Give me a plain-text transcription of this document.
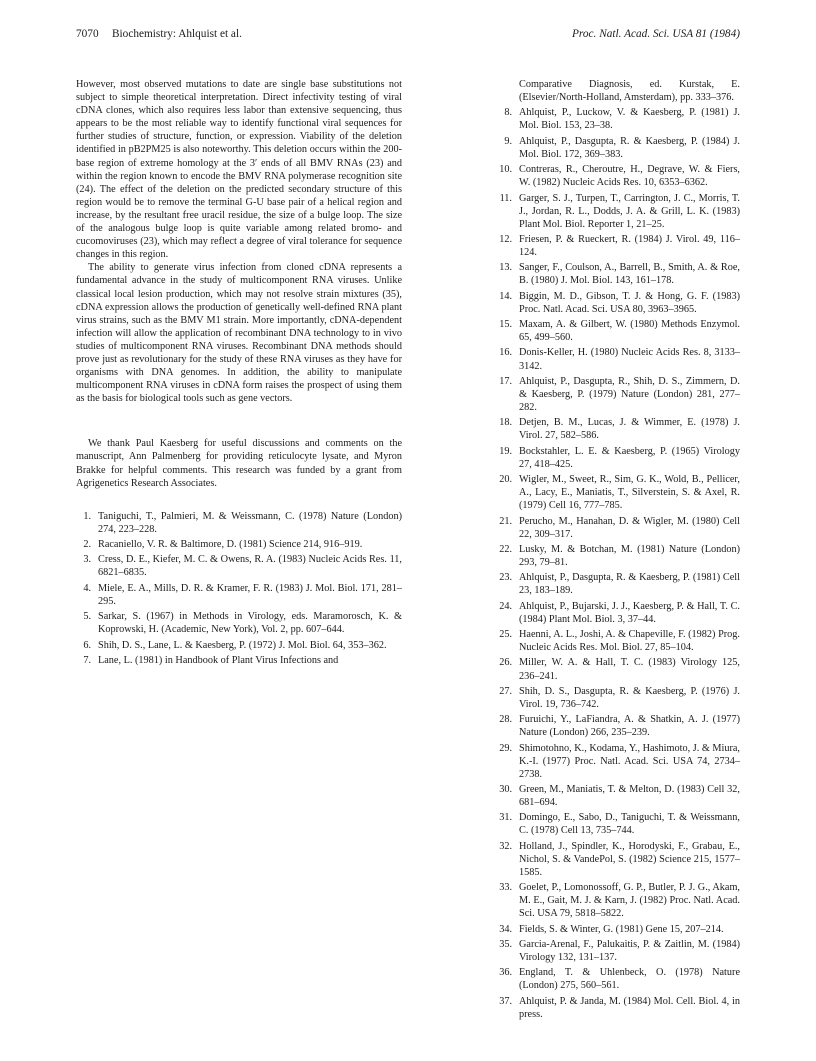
7070 Biochemistry: Ahlquist et al.	Proc. Natl. Acad. Sci. USA 81 (1984)

However, most observed mutations to date are single base substitutions not subject to simple theoretical interpretation. Direct infectivity testing of viral cDNA clones, which also requires less labor than extensive sequencing, thus appears to be the most reliable way to identify functional viral sequences for further studies of structure, function, or expression. Viability of the deletion identified in pB2PM25 is also noteworthy. This deletion occurs within the 200-base region of extreme homology at the 3′ ends of all BMV RNAs (23) and within the region known to encode the BMV RNA polymerase recognition site (24). The effect of the deletion on the predicted secondary structure of this region would be to remove the terminal G-U base pair of a helical region and increase, by the resultant free uracil residue, the size of a bulge loop. The size of the analogous bulge loop is quite variable among related bromo- and cucomoviruses (23), which may reflect a degree of viral tolerance for sequence changes in this region.

The ability to generate virus infection from cloned cDNA represents a fundamental advance in the study of multicomponent RNA viruses. Unlike classical local lesion production, which may not resolve strain mixtures (35), cDNA expression allows the production of genetically well-defined RNA plant virus strains, such as the BMV M1 strain. More importantly, cDNA-dependent infection will allow the application of recombinant DNA technology to in vivo studies of multicomponent RNA viruses. Recombinant DNA methods should prove just as revolutionary for the study of these RNA viruses as they have for organisms with DNA genomes. In addition, the ability to manipulate multicomponent RNA viruses in cDNA form raises the prospect of using them as the basis for biological tools such as gene vectors.

We thank Paul Kaesberg for useful discussions and comments on the manuscript, Ann Palmenberg for providing reticulocyte lysate, and Myron Brakke for helpful comments. This research was funded by a grant from Agrigenetics Research Associates.

1. Taniguchi, T., Palmieri, M. & Weissmann, C. (1978) Nature (London) 274, 223–228.
2. Racaniello, V. R. & Baltimore, D. (1981) Science 214, 916–919.
3. Cress, D. E., Kiefer, M. C. & Owens, R. A. (1983) Nucleic Acids Res. 11, 6821–6835.
4. Miele, E. A., Mills, D. R. & Kramer, F. R. (1983) J. Mol. Biol. 171, 281–295.
5. Sarkar, S. (1967) in Methods in Virology, eds. Maramorosch, K. & Koprowski, H. (Academic, New York), Vol. 2, pp. 607–644.
6. Shih, D. S., Lane, L. & Kaesberg, P. (1972) J. Mol. Biol. 64, 353–362.
7. Lane, L. (1981) in Handbook of Plant Virus Infections and
Comparative Diagnosis, ed. Kurstak, E. (Elsevier/North-Holland, Amsterdam), pp. 333–376.
8. Ahlquist, P., Luckow, V. & Kaesberg, P. (1981) J. Mol. Biol. 153, 23–38.
9. Ahlquist, P., Dasgupta, R. & Kaesberg, P. (1984) J. Mol. Biol. 172, 369–383.
10. Contreras, R., Cheroutre, H., Degrave, W. & Fiers, W. (1982) Nucleic Acids Res. 10, 6353–6362.
11. Garger, S. J., Turpen, T., Carrington, J. C., Morris, T. J., Jordan, R. L., Dodds, J. A. & Grill, L. K. (1983) Plant Mol. Biol. Reporter 1, 21–25.
12. Friesen, P. & Rueckert, R. (1984) J. Virol. 49, 116–124.
13. Sanger, F., Coulson, A., Barrell, B., Smith, A. & Roe, B. (1980) J. Mol. Biol. 143, 161–178.
14. Biggin, M. D., Gibson, T. J. & Hong, G. F. (1983) Proc. Natl. Acad. Sci. USA 80, 3963–3965.
15. Maxam, A. & Gilbert, W. (1980) Methods Enzymol. 65, 499–560.
16. Donis-Keller, H. (1980) Nucleic Acids Res. 8, 3133–3142.
17. Ahlquist, P., Dasgupta, R., Shih, D. S., Zimmern, D. & Kaesberg, P. (1979) Nature (London) 281, 277–282.
18. Detjen, B. M., Lucas, J. & Wimmer, E. (1978) J. Virol. 27, 582–586.
19. Bockstahler, L. E. & Kaesberg, P. (1965) Virology 27, 418–425.
20. Wigler, M., Sweet, R., Sim, G. K., Wold, B., Pellicer, A., Lacy, E., Maniatis, T., Silverstein, S. & Axel, R. (1979) Cell 16, 777–785.
21. Perucho, M., Hanahan, D. & Wigler, M. (1980) Cell 22, 309–317.
22. Lusky, M. & Botchan, M. (1981) Nature (London) 293, 79–81.
23. Ahlquist, P., Dasgupta, R. & Kaesberg, P. (1981) Cell 23, 183–189.
24. Ahlquist, P., Bujarski, J. J., Kaesberg, P. & Hall, T. C. (1984) Plant Mol. Biol. 3, 37–44.
25. Haenni, A. L., Joshi, A. & Chapeville, F. (1982) Prog. Nucleic Acids Res. Mol. Biol. 27, 85–104.
26. Miller, W. A. & Hall, T. C. (1983) Virology 125, 236–241.
27. Shih, D. S., Dasgupta, R. & Kaesberg, P. (1976) J. Virol. 19, 736–742.
28. Furuichi, Y., LaFiandra, A. & Shatkin, A. J. (1977) Nature (London) 266, 235–239.
29. Shimotohno, K., Kodama, Y., Hashimoto, J. & Miura, K.-I. (1977) Proc. Natl. Acad. Sci. USA 74, 2734–2738.
30. Green, M., Maniatis, T. & Melton, D. (1983) Cell 32, 681–694.
31. Domingo, E., Sabo, D., Taniguchi, T. & Weissmann, C. (1978) Cell 13, 735–744.
32. Holland, J., Spindler, K., Horodyski, F., Grabau, E., Nichol, S. & VandePol, S. (1982) Science 215, 1577–1585.
33. Goelet, P., Lomonossoff, G. P., Butler, P. J. G., Akam, M. E., Gait, M. J. & Karn, J. (1982) Proc. Natl. Acad. Sci. USA 79, 5818–5822.
34. Fields, S. & Winter, G. (1981) Gene 15, 207–214.
35. Garcia-Arenal, F., Palukaitis, P. & Zaitlin, M. (1984) Virology 132, 131–137.
36. England, T. & Uhlenbeck, O. (1978) Nature (London) 275, 560–561.
37. Ahlquist, P. & Janda, M. (1984) Mol. Cell. Biol. 4, in press.
